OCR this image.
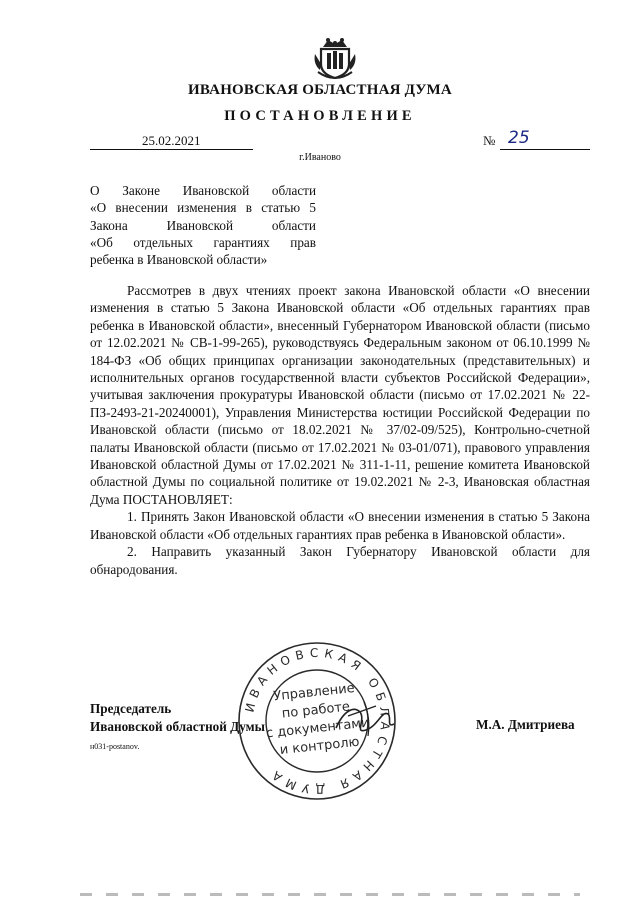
ИВАНОВСКАЯ ОБЛАСТНАЯ ДУМА
ПОСТАНОВЛЕНИЕ
25.02.2021	№ 25
г.Иваново
О Законе Ивановской области
«О внесении изменения в статью 5
Закона Ивановской области
«Об отдельных гарантиях прав
ребенка в Ивановской области»

Рассмотрев в двух чтениях проект закона Ивановской области «О внесении изменения в статью 5 Закона Ивановской области «Об отдельных гарантиях прав ребенка в Ивановской области», внесенный Губернатором Ивановской области (письмо от 12.02.2021 № СВ-1-99-265), руководствуясь Федеральным законом от 06.10.1999 № 184-ФЗ «Об общих принципах организации законодательных (представительных) и исполнительных органов государственной власти субъектов Российской Федерации», учитывая заключения прокуратуры Ивановской области (письмо от 17.02.2021 № 22-ПЗ-2493-21-20240001), Управления Министерства юстиции Российской Федерации по Ивановской области (письмо от 18.02.2021 № 37/02-09/525), Контрольно-счетной палаты Ивановской области (письмо от 17.02.2021 № 03-01/071), правового управления Ивановской областной Думы от 17.02.2021 № 311-1-11, решение комитета Ивановской областной Думы по социальной политике от 19.02.2021 № 2-3, Ивановская областная Дума ПОСТАНОВЛЯЕТ:

1. Принять Закон Ивановской области «О внесении изменения в статью 5 Закона Ивановской области «Об отдельных гарантиях прав ребенка в Ивановской области».

2. Направить указанный Закон Губернатору Ивановской области для обнародования.

Председатель
Ивановской областной Думы	М.А. Дмитриева
н031-postanov.
ИВАНОВСКАЯ ОБЛАСТНАЯ ДУМА
Управление
по работе
с документами
и контролю
